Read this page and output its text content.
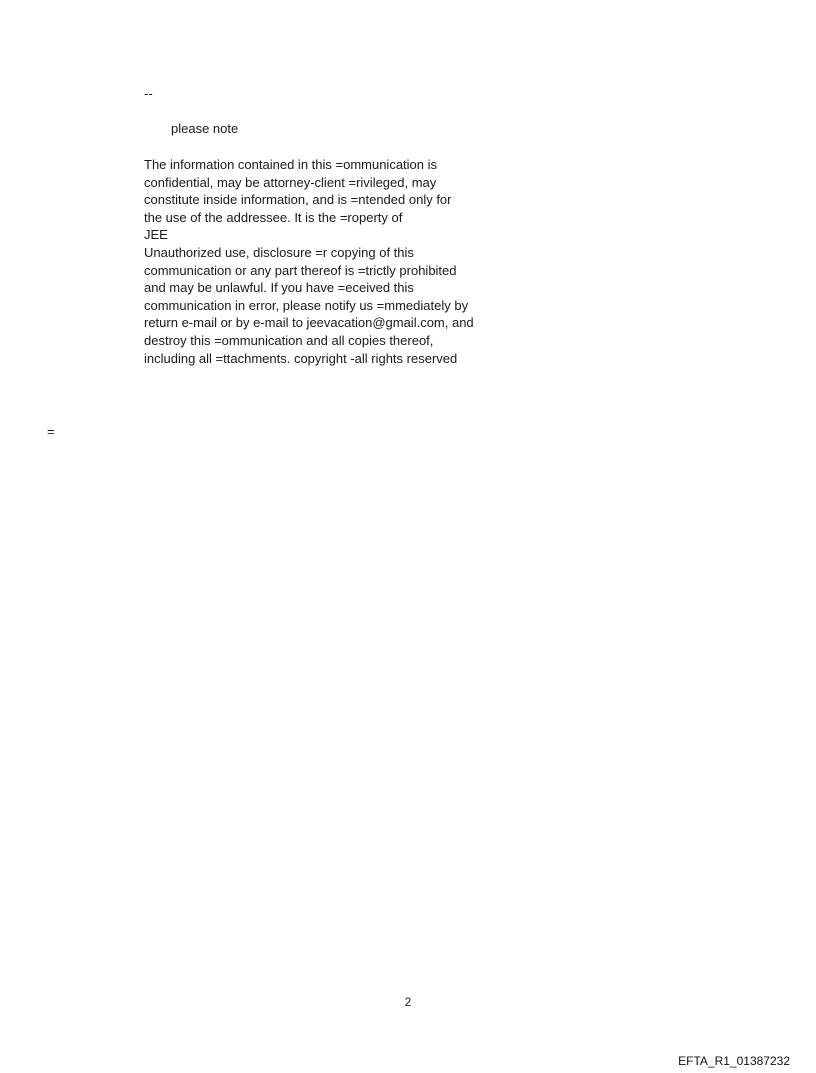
--
please note
The information contained in this =ommunication is
confidential, may be attorney-client =rivileged, may
constitute inside information, and is =ntended only for
the use of the addressee. It is the =roperty of
JEE
Unauthorized use, disclosure =r copying of this
communication or any part thereof is =trictly prohibited
and may be unlawful. If you have =eceived this
communication in error, please notify us =mmediately by
return e-mail or by e-mail to jeevacation@gmail.com, and
destroy this =ommunication and all copies thereof,
including all =ttachments. copyright -all rights reserved
=
2
EFTA_R1_01387232
